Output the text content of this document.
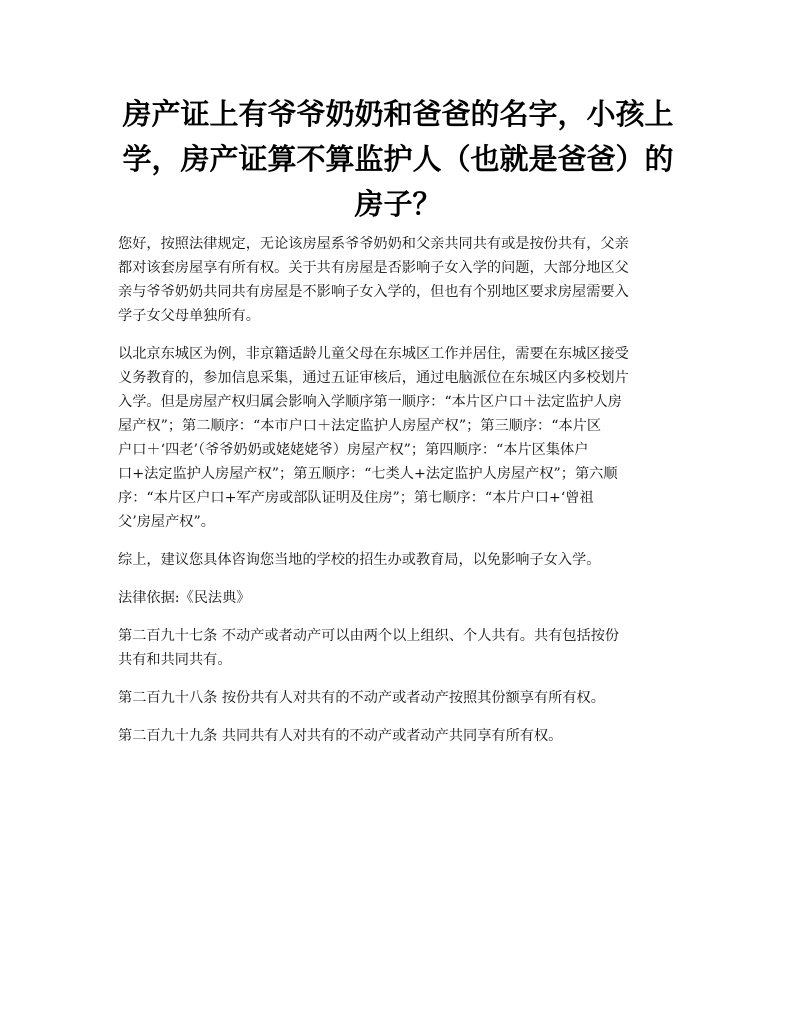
房产证上有爷爷奶奶和爸爸的名字，小孩上
学，房产证算不算监护人（也就是爸爸）的
房子？

您好，按照法律规定，无论该房屋系爷爷奶奶和父亲共同共有或是按份共有，父亲
都对该套房屋享有所有权。关于共有房屋是否影响子女入学的问题，大部分地区父
亲与爷爷奶奶共同共有房屋是不影响子女入学的，但也有个别地区要求房屋需要入
学子女父母单独所有。

以北京东城区为例，非京籍适龄儿童父母在东城区工作并居住，需要在东城区接受
义务教育的，参加信息采集，通过五证审核后，通过电脑派位在东城区内多校划片
入学。但是房屋产权归属会影响入学顺序第一顺序：“本片区户口＋法定监护人房
屋产权”；第二顺序：“本市户口＋法定监护人房屋产权”；第三顺序：“本片区
户口＋‘四老’（爷爷奶奶或姥姥姥爷）房屋产权”；第四顺序：“本片区集体户
口+法定监护人房屋产权”；第五顺序：“七类人+法定监护人房屋产权”；第六顺
序：“本片区户口+军产房或部队证明及住房”；第七顺序：“本片户口+‘曾祖
父’房屋产权”。

综上，建议您具体咨询您当地的学校的招生办或教育局，以免影响子女入学。

法律依据:《民法典》

第二百九十七条 不动产或者动产可以由两个以上组织、个人共有。共有包括按份
共有和共同共有。

第二百九十八条 按份共有人对共有的不动产或者动产按照其份额享有所有权。

第二百九十九条 共同共有人对共有的不动产或者动产共同享有所有权。
